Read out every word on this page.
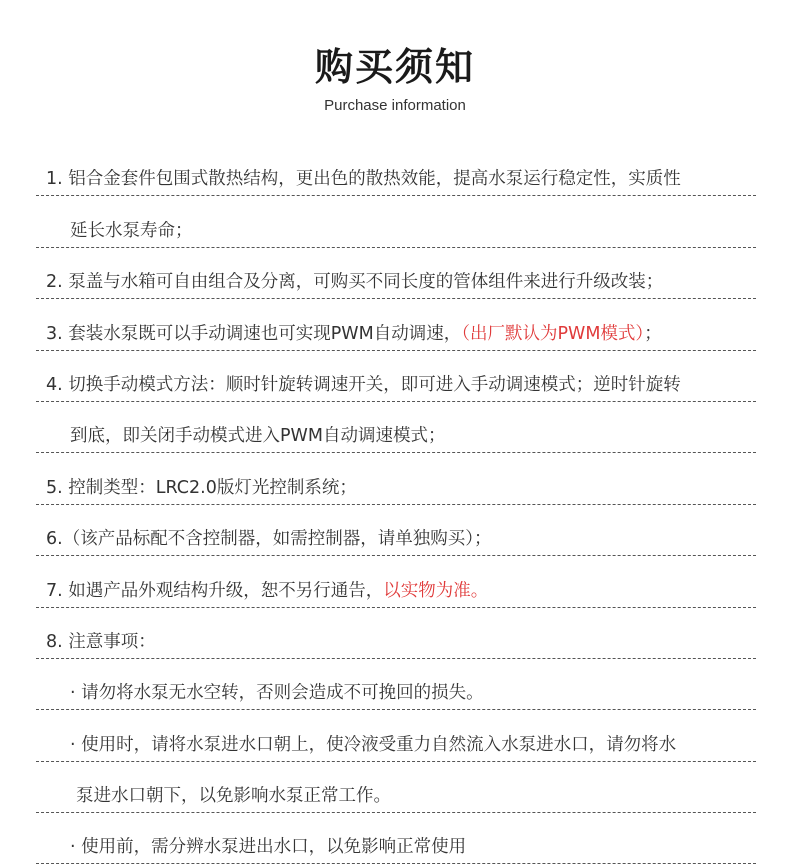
购买须知
Purchase information
1. 铝合金套件包围式散热结构，更出色的散热效能，提高水泵运行稳定性，实质性
延长水泵寿命；
2. 泵盖与水箱可自由组合及分离，可购买不同长度的管体组件来进行升级改装；
3. 套装水泵既可以手动调速也可实现PWM自动调速，（出厂默认为PWM模式）；
4. 切换手动模式方法：顺时针旋转调速开关，即可进入手动调速模式；逆时针旋转
到底，即关闭手动模式进入PWM自动调速模式；
5. 控制类型：LRC2.0版灯光控制系统；
6.（该产品标配不含控制器，如需控制器，请单独购买）；
7. 如遇产品外观结构升级，恕不另行通告，以实物为准。
8. 注意事项：
· 请勿将水泵无水空转，否则会造成不可挽回的损失。
· 使用时，请将水泵进水口朝上，使冷液受重力自然流入水泵进水口，请勿将水
泵进水口朝下，以免影响水泵正常工作。
· 使用前，需分辨水泵进出水口，以免影响正常使用
